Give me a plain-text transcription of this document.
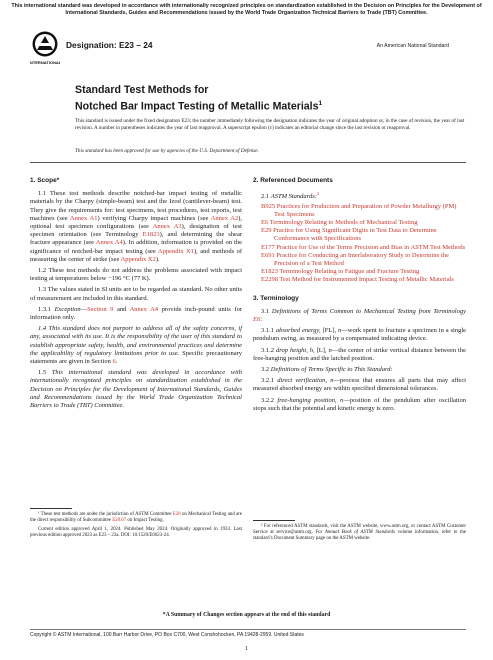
This international standard was developed in accordance with internationally recognized principles on standardization established in the Decision on Principles for the Development of International Standards, Guides and Recommendations issued by the World Trade Organization Technical Barriers to Trade (TBT) Committee.
INTERNATIONAL
Designation: E23 – 24	An American National Standard
Standard Test Methods for
Notched Bar Impact Testing of Metallic Materials$^1$
This standard is issued under the fixed designation E23; the number immediately following the designation indicates the year of original adoption or, in the case of revision, the year of last revision. A number in parentheses indicates the year of last reapproval. A superscript epsilon (ε) indicates an editorial change since the last revision or reapproval.
This standard has been approved for use by agencies of the U.S. Department of Defense.
1. Scope*
1.1 These test methods describe notched-bar impact testing of metallic materials by the Charpy (simple-beam) test and the Izod (cantilever-beam) test. They give the requirements for: test specimens, test procedures, test reports, test machines (see Annex A1) verifying Charpy impact machines (see Annex A2), optional test specimen configurations (see Annex A3), designation of test specimen orientation (see Terminology E1823), and determining the shear fracture appearance (see Annex A4). In addition, information is provided on the significance of notched-bar impact testing (see Appendix X1), and methods of measuring the center of strike (see Appendix X2).
1.2 These test methods do not address the problems associated with impact testing at temperatures below −196 °C (77 K).
1.3 The values stated in SI units are to be regarded as standard. No other units of measurement are included in this standard.
1.3.1 Exception—Section 9 and Annex A4 provide inch-pound units for information only.
1.4 This standard does not purport to address all of the safety concerns, if any, associated with its use. It is the responsibility of the user of this standard to establish appropriate safety, health, and environmental practices and determine the applicability of regulatory limitations prior to use. Specific precautionary statements are given in Section 6.
1.5 This international standard was developed in accordance with internationally recognized principles on standardization established in the Decision on Principles for the Development of International Standards, Guides and Recommendations issued by the World Trade Organization Technical Barriers to Trade (TBT) Committee.
2. Referenced Documents
2.1 ASTM Standards:$^2$
B925 Practices for Production and Preparation of Powder Metallurgy (PM) Test Specimens
E6 Terminology Relating to Methods of Mechanical Testing
E29 Practice for Using Significant Digits in Test Data to Determine Conformance with Specifications
E177 Practice for Use of the Terms Precision and Bias in ASTM Test Methods
E691 Practice for Conducting an Interlaboratory Study to Determine the Precision of a Test Method
E1823 Terminology Relating to Fatigue and Fracture Testing
E2298 Test Method for Instrumented Impact Testing of Metallic Materials
3. Terminology
3.1 Definitions of Terms Common to Mechanical Testing from Terminology E6:
3.1.1 absorbed energy, [FL], n—work spent to fracture a specimen in a single pendulum swing, as measured by a compensated indicating device.
3.1.2 drop height, h, [L], n—the center of strike vertical distance between the free-hanging position and the latched position.
3.2 Definitions of Terms Specific to This Standard:
3.2.1 direct verification, n—process that ensures all parts that may affect measured absorbed energy are within specified dimensional tolerances.
3.2.2 free-hanging position, n—position of the pendulum after oscillation stops such that the potential and kinetic energy is zero.
¹ These test methods are under the jurisdiction of ASTM Committee E28 on Mechanical Testing and are the direct responsibility of Subcommittee E28.07 on Impact Testing.
Current edition approved April 1, 2024. Published May 2024. Originally approved in 1933. Last previous edition approved 2023 as E23 – 23a. DOI: 10.1520/E0023-24.
² For referenced ASTM standards, visit the ASTM website, www.astm.org, or contact ASTM Customer Service at service@astm.org. For Annual Book of ASTM Standards volume information, refer to the standard’s Document Summary page on the ASTM website.
*A Summary of Changes section appears at the end of this standard
Copyright © ASTM International, 100 Barr Harbor Drive, PO Box C700, West Conshohocken, PA 19428-2959. United States
1
